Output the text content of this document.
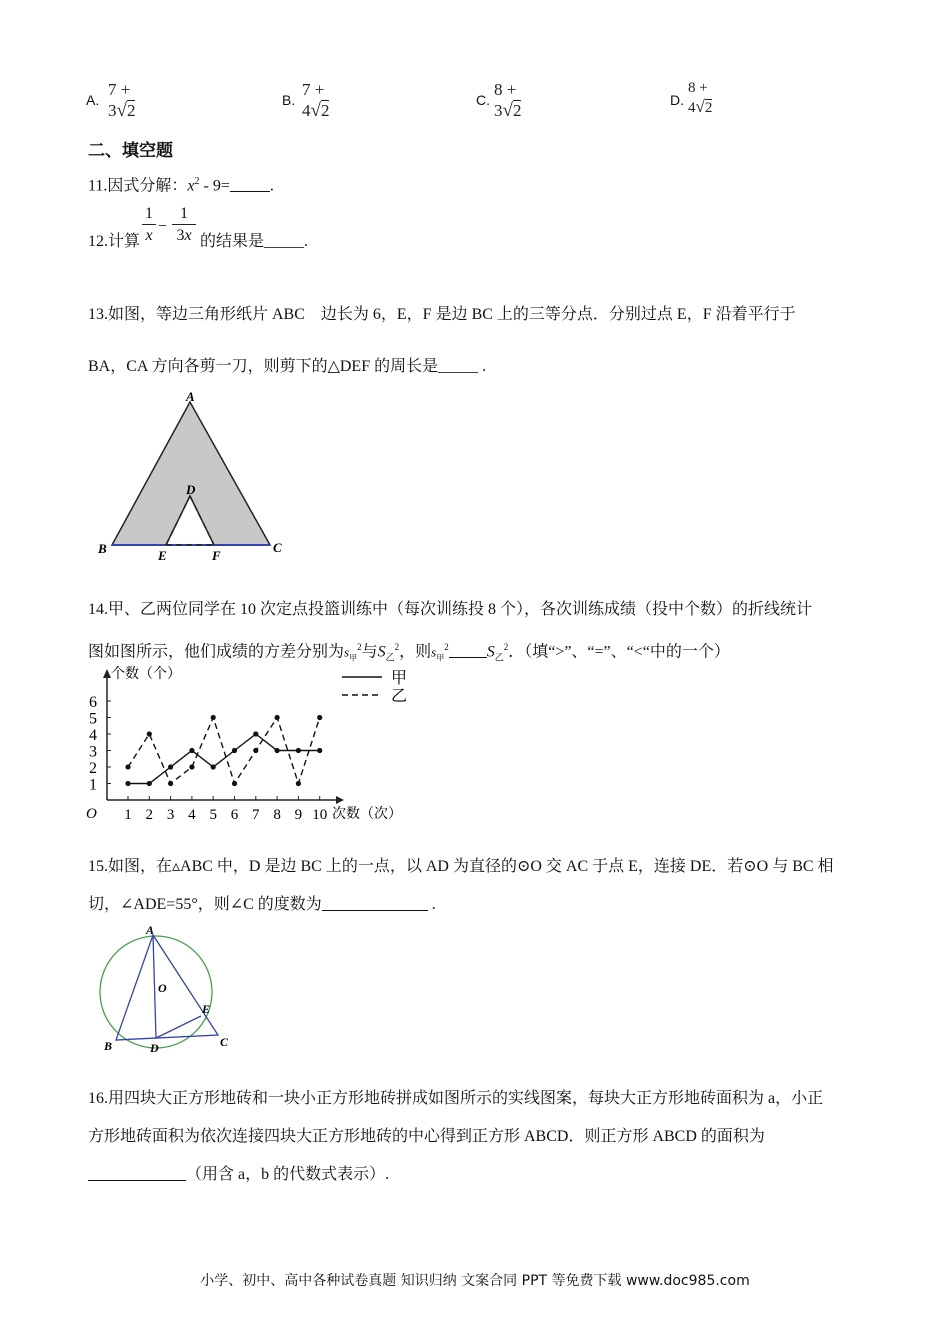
A.
7 + 3√2
B.
7 + 4√2
C.
8 + 3√2
D.
8 + 4√2
二、填空题
11.因式分解：$x^2 - 9=$	.
12.计算
1
x
−
1
3x 的结果是_____.
13.如图，等边三角形纸片 ABC　边长为 6，E，F 是边 BC 上的三等分点．分别过点 E，F 沿着平行于
BA，CA 方向各剪一刀，则剪下的△DEF 的周长是_____ .
A
D
B	E	F
C
14.甲、乙两位同学在 10 次定点投篮训练中（每次训练投 8 个），各次训练成绩（投中个数）的折线统计
图如图所示，他们成绩的方差分别为$s_甲^2$与$S_乙^2$，则$s_甲^2$ $S_乙^2$．（填“>”、“=”、“<“中的一个）
个数（个）
次数（次）
O
1
2
3
4
5
6
1 2 3 4 5 6 7 8 9 10
甲
乙
15.如图，在▵ABC 中，D 是边 BC 上的一点，以 AD 为直径的⊙O 交 AC 于点 E，连接 DE．若⊙O 与 BC 相
切，∠ADE=55°，则∠C 的度数为	.
A
O
E
B	D	C
16.用四块大正方形地砖和一块小正方形地砖拼成如图所示的实线图案，每块大正方形地砖面积为 a，小正
方形地砖面积为依次连接四块大正方形地砖的中心得到正方形 ABCD．则正方形 ABCD 的面积为
（用含 a，b 的代数式表示）.
小学、初中、高中各种试卷真题 知识归纳 文案合同 PPT 等免费下载 www.doc985.com
